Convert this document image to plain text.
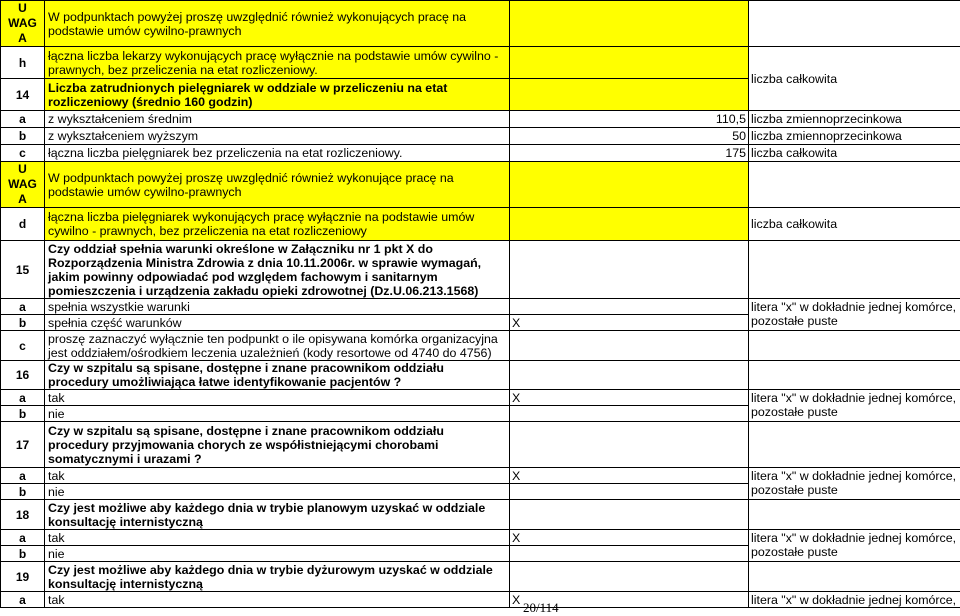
U
WAG
A	W podpunktach powyżej proszę uwzględnić również wykonujących pracę na podstawie umów cywilno-prawnych		
h	łączna liczba lekarzy wykonujących pracę wyłącznie na podstawie umów cywilno - prawnych, bez przeliczenia na etat rozliczeniowy.		liczba całkowita
14	Liczba zatrudnionych pielęgniarek w oddziale w przeliczeniu na etat rozliczeniowy (średnio 160 godzin)		
a	z wykształceniem średnim	110,5	liczba zmiennoprzecinkowa
b	z wykształceniem wyższym	50	liczba zmiennoprzecinkowa
c	łączna liczba pielęgniarek bez przeliczenia na etat rozliczeniowy.	175	liczba całkowita
U
WAG
A	W podpunktach powyżej proszę uwzględnić również wykonujące pracę na podstawie umów cywilno-prawnych		
d	łączna liczba pielęgniarek wykonujących pracę wyłącznie na podstawie umów cywilno - prawnych, bez przeliczenia na etat rozliczeniowy		liczba całkowita
15	Czy oddział spełnia warunki określone w Załączniku nr 1 pkt X do Rozporządzenia Ministra Zdrowia z dnia 10.11.2006r. w sprawie wymagań, jakim powinny odpowiadać pod względem fachowym i sanitarnym pomieszczenia i urządzenia zakładu opieki zdrowotnej (Dz.U.06.213.1568)		
a	spełnia wszystkie warunki		litera "x" w dokładnie jednej komórce,
pozostałe puste

b	spełnia część warunków	X	
c	proszę zaznaczyć wyłącznie ten podpunkt o ile opisywana komórka organizacyjna jest oddziałem/ośrodkiem leczenia uzależnień (kody resortowe od 4740 do 4756)		
16	Czy w szpitalu są spisane, dostępne i znane pracownikom oddziału procedury umożliwiająca łatwe identyfikowanie pacjentów ?		
a	tak	X	litera "x" w dokładnie jednej komórce,
pozostałe puste

b	nie		
17	Czy w szpitalu są spisane, dostępne i znane pracownikom oddziału procedury przyjmowania chorych ze współistniejącymi chorobami somatycznymi i urazami ?		
a	tak	X	litera "x" w dokładnie jednej komórce,
pozostałe puste

b	nie		
18	Czy jest możliwe aby każdego dnia w trybie planowym uzyskać w oddziale konsultację internistyczną		
a	tak	X	litera "x" w dokładnie jednej komórce,
pozostałe puste

b	nie		
19	Czy jest możliwe aby każdego dnia w trybie dyżurowym uzyskać w oddziale konsultację internistyczną		
a	tak	X	litera "x" w dokładnie jednej komórce,
20/114
